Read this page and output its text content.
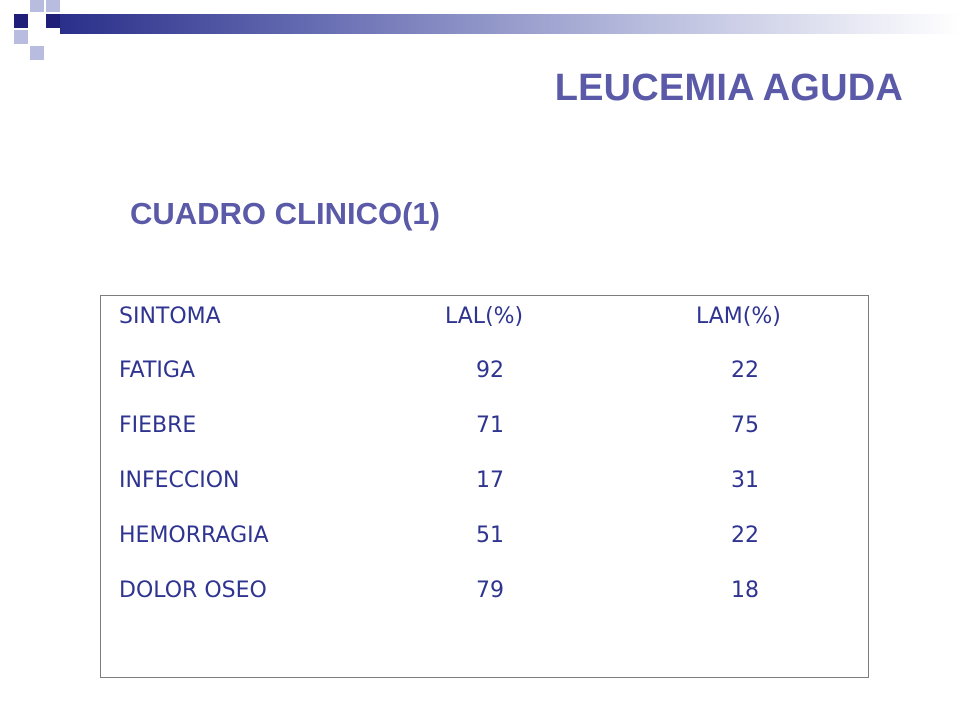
LEUCEMIA AGUDA
CUADRO CLINICO(1)
SINTOMA	LAL(%)	LAM(%)
FATIGA	92	22
FIEBRE	71	75
INFECCION	17	31
HEMORRAGIA	51	22
DOLOR OSEO	79	18
